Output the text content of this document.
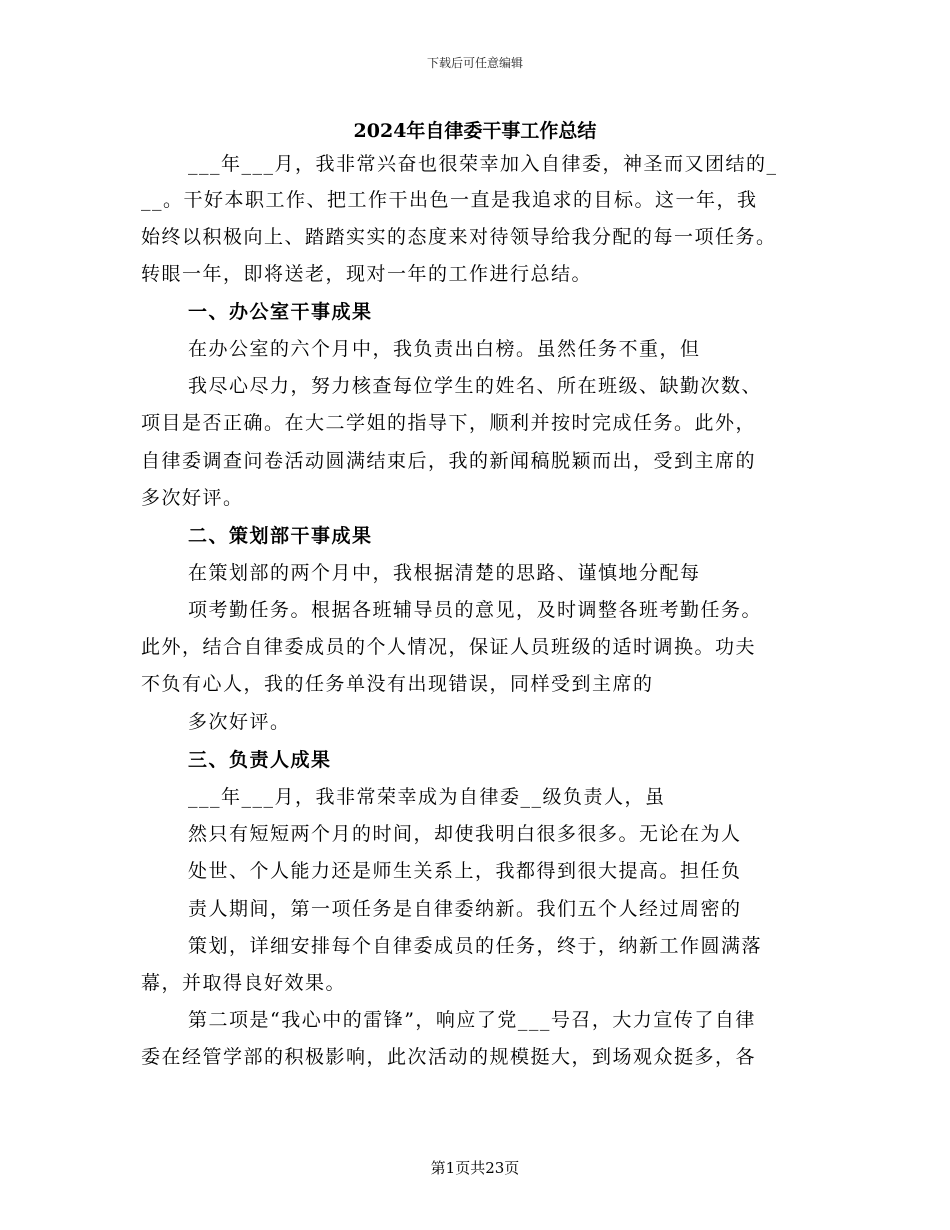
下载后可任意编辑
2024年自律委干事工作总结
___年___月，我非常兴奋也很荣幸加入自律委，神圣而又团结的_
__。干好本职工作、把工作干出色一直是我追求的目标。这一年，我
始终以积极向上、踏踏实实的态度来对待领导给我分配的每一项任务。
转眼一年，即将送老，现对一年的工作进行总结。
一、办公室干事成果
在办公室的六个月中，我负责出白榜。虽然任务不重，但
我尽心尽力，努力核查每位学生的姓名、所在班级、缺勤次数、
项目是否正确。在大二学姐的指导下，顺利并按时完成任务。此外，
自律委调查问卷活动圆满结束后，我的新闻稿脱颖而出，受到主席的
多次好评。
二、策划部干事成果
在策划部的两个月中，我根据清楚的思路、谨慎地分配每
项考勤任务。根据各班辅导员的意见，及时调整各班考勤任务。
此外，结合自律委成员的个人情况，保证人员班级的适时调换。功夫
不负有心人，我的任务单没有出现错误，同样受到主席的
多次好评。
三、负责人成果
___年___月，我非常荣幸成为自律委__级负责人，虽
然只有短短两个月的时间，却使我明白很多很多。无论在为人
处世、个人能力还是师生关系上，我都得到很大提高。担任负
责人期间，第一项任务是自律委纳新。我们五个人经过周密的
策划，详细安排每个自律委成员的任务，终于，纳新工作圆满落
幕，并取得良好效果。
第二项是“我心中的雷锋”，响应了党___号召，大力宣传了自律
委在经管学部的积极影响，此次活动的规模挺大，到场观众挺多，各
第1页共23页
